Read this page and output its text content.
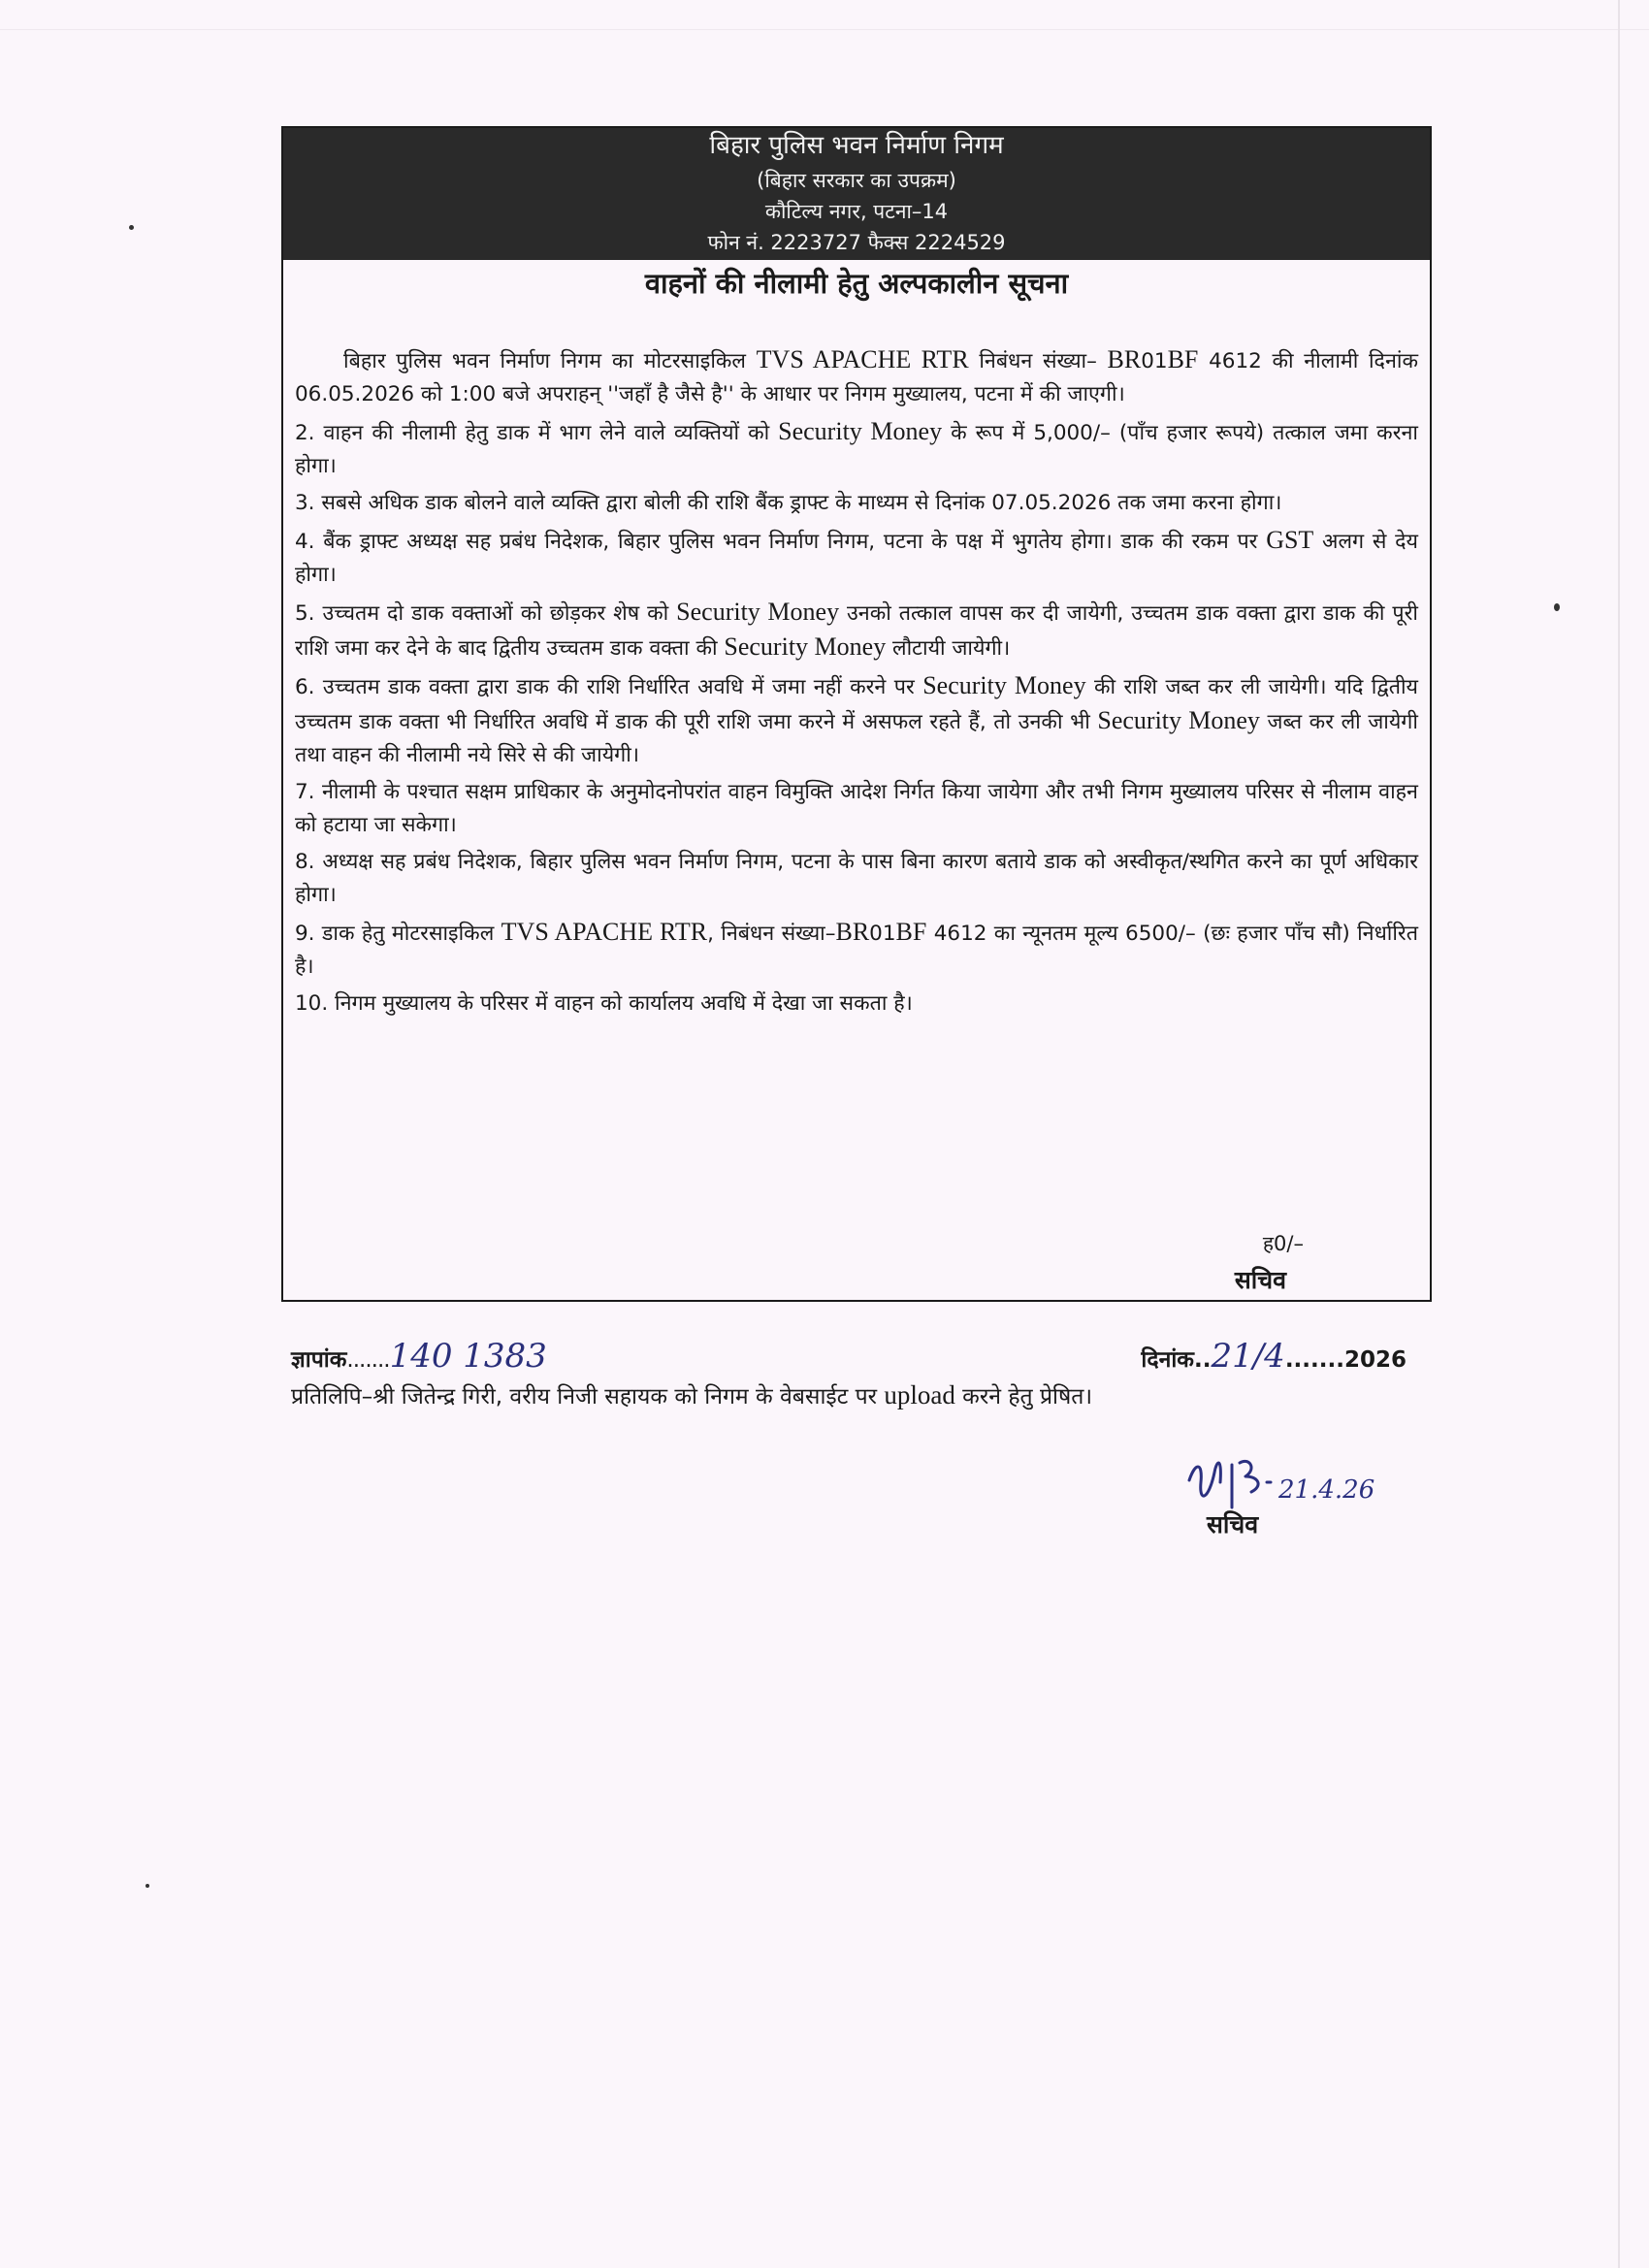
बिहार पुलिस भवन निर्माण निगम
(बिहार सरकार का उपक्रम)
कौटिल्य नगर, पटना–14
फोन नं. 2223727 फैक्स 2224529
वाहनों की नीलामी हेतु अल्पकालीन सूचना

बिहार पुलिस भवन निर्माण निगम का मोटरसाइकिल TVS APACHE RTR निबंधन संख्या– BR01BF 4612 की नीलामी दिनांक 06.05.2026 को 1:00 बजे अपराहन् ''जहॉं है जैसे है'' के आधार पर निगम मुख्यालय, पटना में की जाएगी।

2. वाहन की नीलामी हेतु डाक में भाग लेने वाले व्यक्तियों को Security Money के रूप में 5,000/– (पॉंच हजार रूपये) तत्काल जमा करना होगा।

3. सबसे अधिक डाक बोलने वाले व्यक्ति द्वारा बोली की राशि बैंक ड्राफ्ट के माध्यम से दिनांक 07.05.2026 तक जमा करना होगा।

4. बैंक ड्राफ्ट अध्यक्ष सह प्रबंध निदेशक, बिहार पुलिस भवन निर्माण निगम, पटना के पक्ष में भुगतेय होगा। डाक की रकम पर GST अलग से देय होगा।

5. उच्चतम दो डाक वक्ताओं को छोड़कर शेष को Security Money उनको तत्काल वापस कर दी जायेगी, उच्चतम डाक वक्ता द्वारा डाक की पूरी राशि जमा कर देने के बाद द्वितीय उच्चतम डाक वक्ता की Security Money लौटायी जायेगी।

6. उच्चतम डाक वक्ता द्वारा डाक की राशि निर्धारित अवधि में जमा नहीं करने पर Security Money की राशि जब्त कर ली जायेगी। यदि द्वितीय उच्चतम डाक वक्ता भी निर्धारित अवधि में डाक की पूरी राशि जमा करने में असफल रहते हैं, तो उनकी भी Security Money जब्त कर ली जायेगी तथा वाहन की नीलामी नये सिरे से की जायेगी।

7. नीलामी के पश्चात सक्षम प्राधिकार के अनुमोदनोपरांत वाहन विमुक्ति आदेश निर्गत किया जायेगा और तभी निगम मुख्यालय परिसर से नीलाम वाहन को हटाया जा सकेगा।

8. अध्यक्ष सह प्रबंध निदेशक, बिहार पुलिस भवन निर्माण निगम, पटना के पास बिना कारण बताये डाक को अस्वीकृत/स्थगित करने का पूर्ण अधिकार होगा।

9. डाक हेतु मोटरसाइकिल TVS APACHE RTR, निबंधन संख्या–BR01BF 4612 का न्यूनतम मूल्य 6500/– (छः हजार पॉंच सौ) निर्धारित है।

10. निगम मुख्यालय के परिसर में वाहन को कार्यालय अवधि में देखा जा सकता है।

ह0/–
सचिव
ज्ञापांक.......140 1383	दिनांक..21/4.......2026

प्रतिलिपि–श्री जितेन्द्र गिरी, वरीय निजी सहायक को निगम के वेबसाईट पर upload करने हेतु प्रेषित।

21.4.26
सचिव
